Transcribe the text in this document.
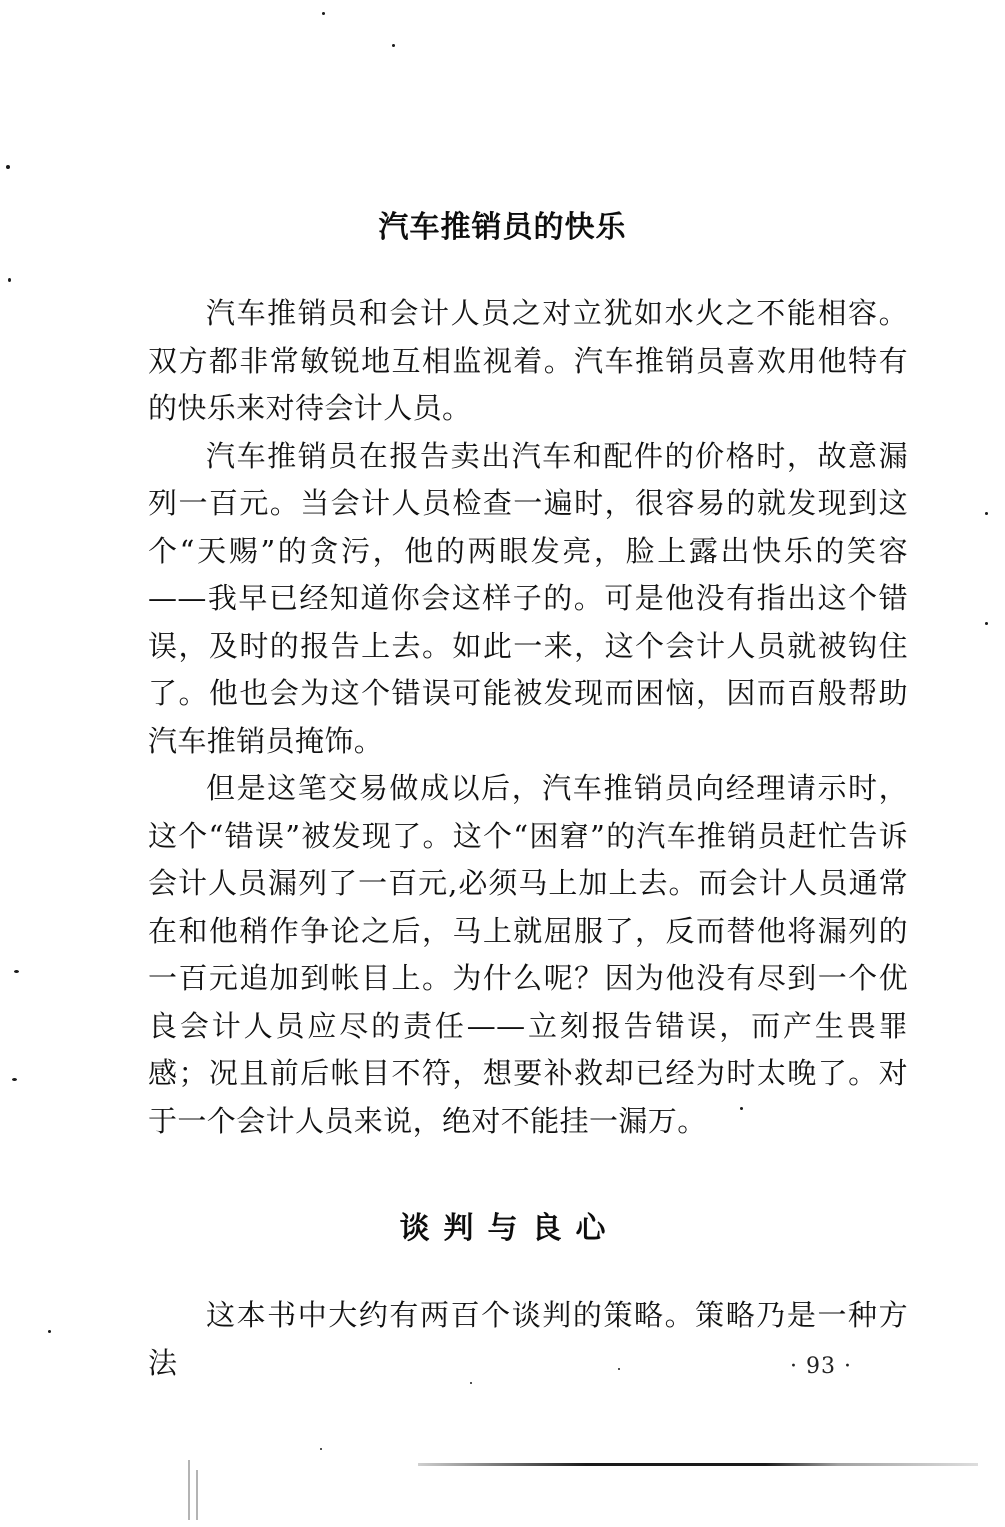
汽车推销员的快乐

汽车推销员和会计人员之对立犹如水火之不能相容。双方都非常敏锐地互相监视着。汽车推销员喜欢用他特有的快乐来对待会计人员。

汽车推销员在报告卖出汽车和配件的价格时，故意漏列一百元。当会计人员检查一遍时，很容易的就发现到这个“天赐”的贪污，他的两眼发亮，脸上露出快乐的笑容——我早已经知道你会这样子的。可是他没有指出这个错误，及时的报告上去。如此一来，这个会计人员就被钩住了。他也会为这个错误可能被发现而困恼，因而百般帮助汽车推销员掩饰。

但是这笔交易做成以后，汽车推销员向经理请示时，这个“错误”被发现了。这个“困窘”的汽车推销员赶忙告诉会计人员漏列了一百元,必须马上加上去。而会计人员通常在和他稍作争论之后，马上就屈服了，反而替他将漏列的一百元追加到帐目上。为什么呢？因为他没有尽到一个优良会计人员应尽的责任——立刻报告错误，而产生畏罪感；况且前后帐目不符，想要补救却已经为时太晚了。对于一个会计人员来说，绝对不能挂一漏万。

谈判与良心

这本书中大约有两百个谈判的策略。策略乃是一种方法	· 93 ·
